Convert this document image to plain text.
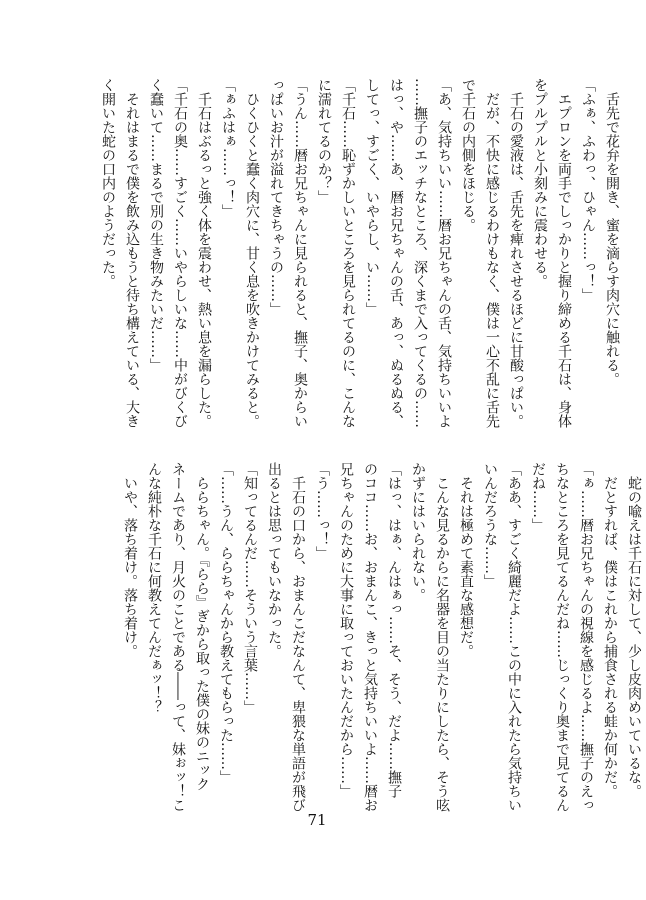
　舌先で花弁を開き、蜜を滴らす肉穴に触れる。

「ふぁ、ふわっ、ひゃん……っ！」

　エプロンを両手でしっかりと握り締める千石は、身体

をプルプルと小刻みに震わせる。

　千石の愛液は、舌先を痺れさせるほどに甘酸っぱい。

　だが、不快に感じるわけもなく、僕は一心不乱に舌先

で千石の内側をほじる。

「あ、気持ちいい……暦お兄ちゃんの舌、気持ちいいよ

……撫子のエッチなところ、深くまで入ってくるの……

はっ、や……あ、暦お兄ちゃんの舌、あっ、ぬるぬる、

してっ、すごく、いやらし、い……」

「千石……恥ずかしいところを見られてるのに、こんな

に濡れてるのか？」

「うん……暦お兄ちゃんに見られると、撫子、奥からい

っぱいお汁が溢れてきちゃうの……」

　ひくひくと蠢く肉穴に、甘く息を吹きかけてみると。

「ぁふはぁ……っ！」

　千石はぶるっと強く体を震わせ、熱い息を漏らした。

「千石の奥……すごく……いやらしいな……中がびくび

く蠢いて……まるで別の生き物みたいだ……」

　それはまるで僕を飲み込もうと待ち構えている、大き

く開いた蛇の口内のようだった。

　蛇の喩えは千石に対して、少し皮肉めいているな。

　だとすれば、僕はこれから捕食される蛙か何かだ。

「ぁ……暦お兄ちゃんの視線を感じるよ……撫子のえっ

ちなところを見てるんだね……じっくり奥まで見てるん

だね……」

「ああ、すごく綺麗だよ……この中に入れたら気持ちい

いんだろうな……」

　それは極めて素直な感想だ。

　こんな見るからに名器を目の当たりにしたら、そう呟

かずにはいられない。

「はっ、はぁ、んはぁっ……そ、そう、だよ……撫子

のココ……お、おまんこ、きっと気持ちいいよ……暦お

兄ちゃんのために大事に取っておいたんだから……」

「う……っ！」

　千石の口から、おまんこだなんて、卑猥な単語が飛び

出るとは思ってもいなかった。

「知ってるんだ……そういう言葉……」

「……うん、ららちゃんから教えてもらった……」

　ららちゃん。『らら』ぎから取った僕の妹のニック

ネームであり、月火のことである――って、妹ぉッ！こ

んな純朴な千石に何教えてんだぁッ！？

　いや、落ち着け。落ち着け。

71
